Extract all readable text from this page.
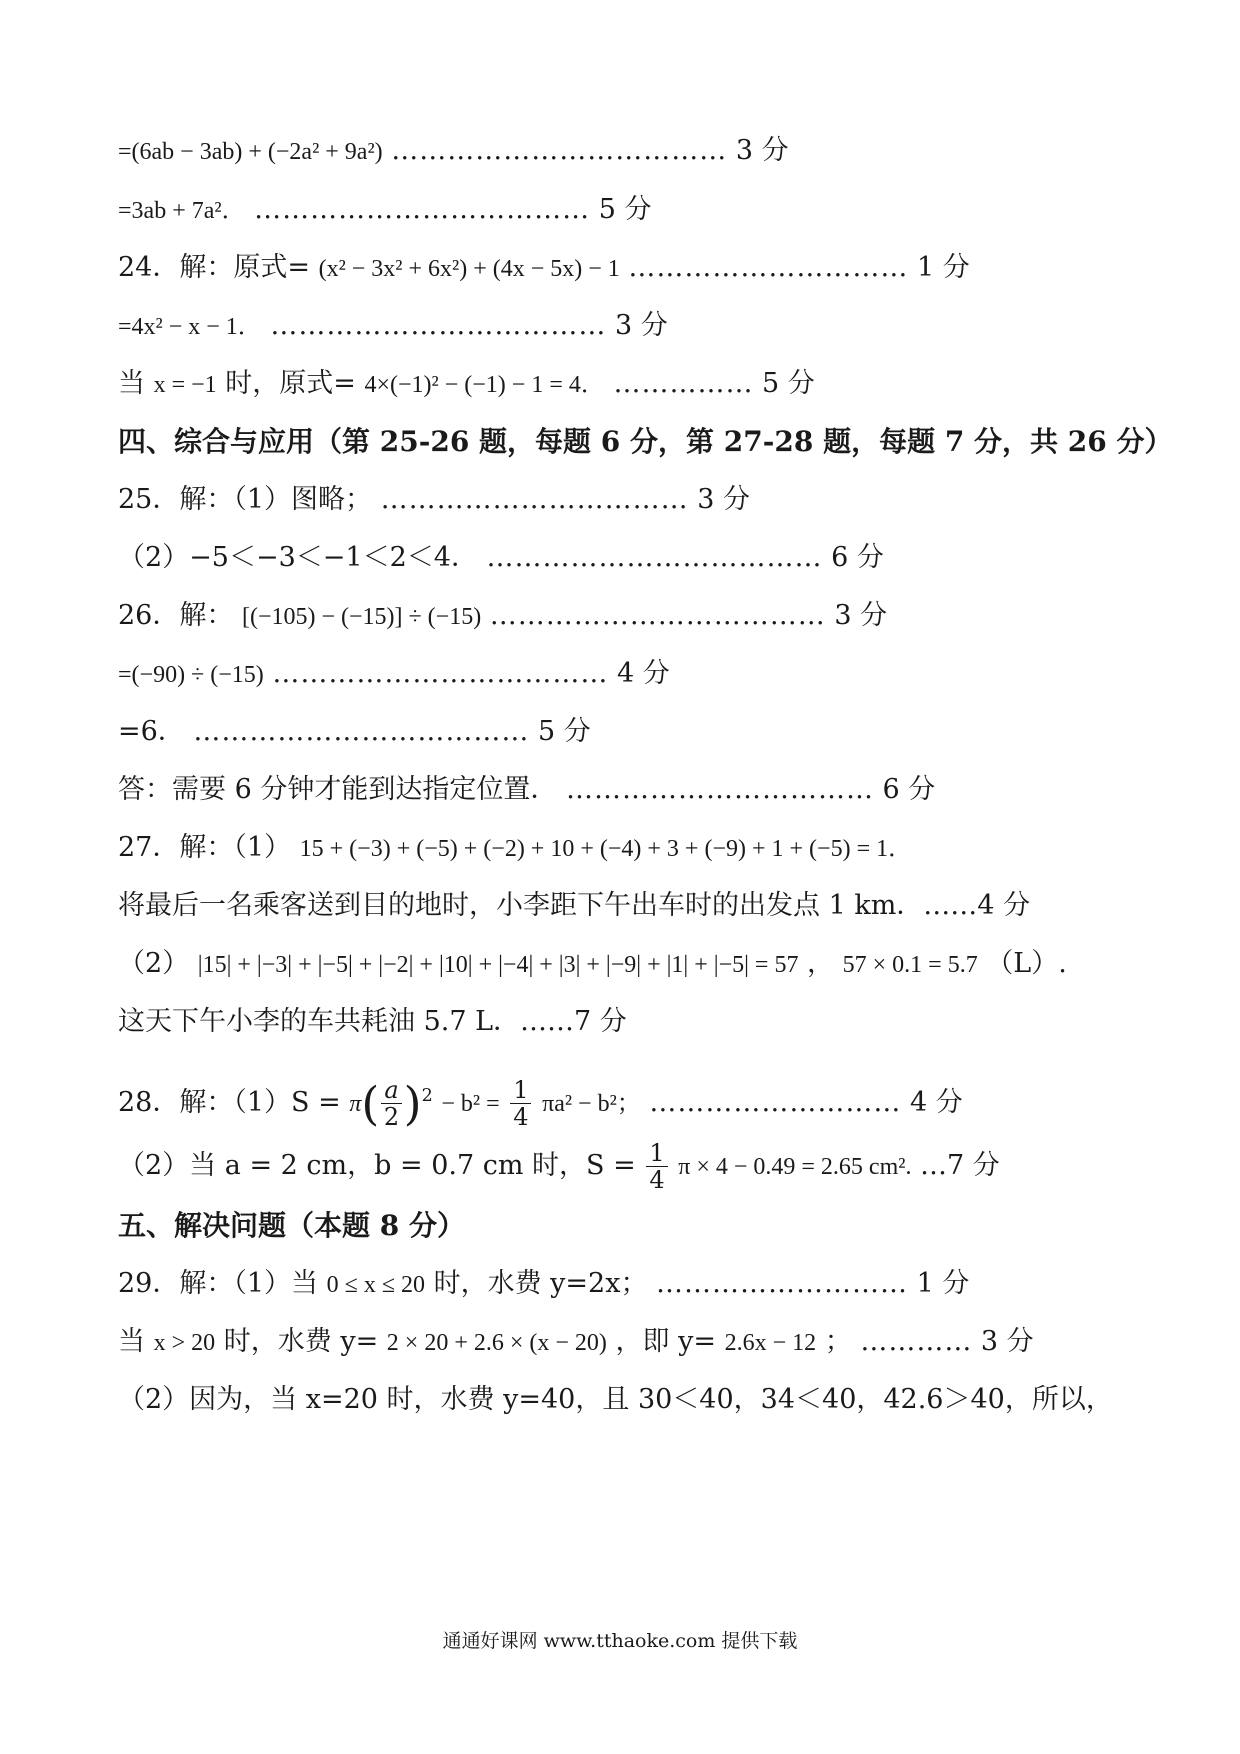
=(6ab − 3ab) + (−2a² + 9a²) ……………………………… 3 分
=3ab + 7a²． ……………………………… 5 分
24．解：原式= (x² − 3x² + 6x²) + (4x − 5x) − 1 ………………………… 1 分
=4x² − x − 1． ……………………………… 3 分
当 x = −1 时，原式= 4×(−1)² − (−1) − 1 = 4． …………… 5 分
四、综合与应用（第 25-26 题，每题 6 分，第 27-28 题，每题 7 分，共 26 分）
25．解：（1）图略； …………………………… 3 分
（2）−5＜−3＜−1＜2＜4． ……………………………… 6 分
26．解： [(−105) − (−15)] ÷ (−15) ……………………………… 3 分
=(−90) ÷ (−15) ……………………………… 4 分
=6． ……………………………… 5 分
答：需要 6 分钟才能到达指定位置． …………………………… 6 分
27．解：（1） 15 + (−3) + (−5) + (−2) + 10 + (−4) + 3 + (−9) + 1 + (−5) = 1．
将最后一名乘客送到目的地时，小李距下午出车时的出发点 1 km．……4 分
（2） |15| + |−3| + |−5| + |−2| + |10| + |−4| + |3| + |−9| + |1| + |−5| = 57 ， 57 × 0.1 = 5.7 （L）.
这天下午小李的车共耗油 5.7 L．……7 分
28．解：$(1)S = \pi( \frac{a}{2} )^2 - b^2 = \frac{1}{4} \pi a^2 - b^2$； ……………………… 4 分
（2）当 a = 2 cm，b = 0.7 cm 时，$S = \frac{1}{4}$ π × 4 − 0.49 = 2.65 cm². …7 分
五、解决问题（本题 8 分）
29．解：（1）当 0 ≤ x ≤ 20 时，水费 y=2x； ……………………… 1 分
当 x > 20 时，水费 y= 2 × 20 + 2.6 × (x − 20) ，即 y= 2.6x − 12 ； ………… 3 分
（2）因为，当 x=20 时，水费 y=40，且 30＜40，34＜40，42.6＞40，所以，
通通好课网 www.tthaoke.com 提供下载
